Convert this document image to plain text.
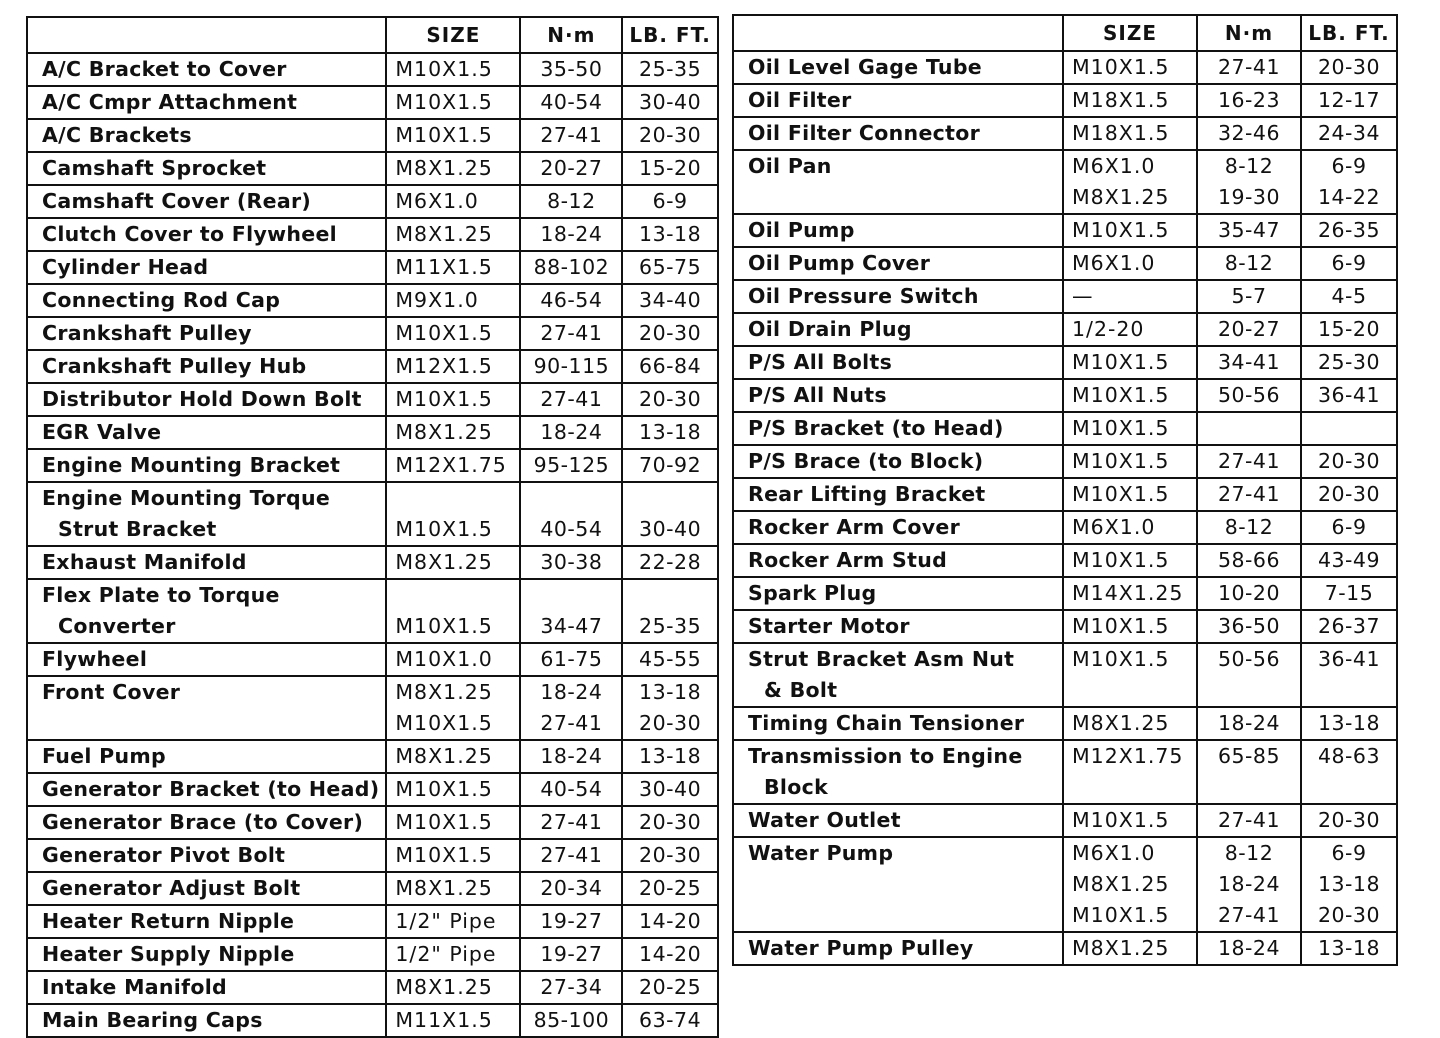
	SIZE	N·m	LB. FT.
A/C Bracket to Cover	M10X1.5	35-50	25-35
A/C Cmpr Attachment	M10X1.5	40-54	30-40
A/C Brackets	M10X1.5	27-41	20-30
Camshaft Sprocket	M8X1.25	20-27	15-20
Camshaft Cover (Rear)	M6X1.0	8-12	6-9
Clutch Cover to Flywheel	M8X1.25	18-24	13-18
Cylinder Head	M11X1.5	88-102	65-75
Connecting Rod Cap	M9X1.0	46-54	34-40
Crankshaft Pulley	M10X1.5	27-41	20-30
Crankshaft Pulley Hub	M12X1.5	90-115	66-84
Distributor Hold Down Bolt	M10X1.5	27-41	20-30
EGR Valve	M8X1.25	18-24	13-18
Engine Mounting Bracket	M12X1.75	95-125	70-92
Engine Mounting Torque			
Strut Bracket	M10X1.5	40-54	30-40
Exhaust Manifold	M8X1.25	30-38	22-28
Flex Plate to Torque			
Converter	M10X1.5	34-47	25-35
Flywheel	M10X1.0	61-75	45-55
Front Cover	M8X1.25	18-24	13-18
	M10X1.5	27-41	20-30
Fuel Pump	M8X1.25	18-24	13-18
Generator Bracket (to Head)	M10X1.5	40-54	30-40
Generator Brace (to Cover)	M10X1.5	27-41	20-30
Generator Pivot Bolt	M10X1.5	27-41	20-30
Generator Adjust Bolt	M8X1.25	20-34	20-25
Heater Return Nipple	1/2" Pipe	19-27	14-20
Heater Supply Nipple	1/2" Pipe	19-27	14-20
Intake Manifold	M8X1.25	27-34	20-25
Main Bearing Caps	M11X1.5	85-100	63-74
	SIZE	N·m	LB. FT.
Oil Level Gage Tube	M10X1.5	27-41	20-30
Oil Filter	M18X1.5	16-23	12-17
Oil Filter Connector	M18X1.5	32-46	24-34
Oil Pan	M6X1.0	8-12	6-9
	M8X1.25	19-30	14-22
Oil Pump	M10X1.5	35-47	26-35
Oil Pump Cover	M6X1.0	8-12	6-9
Oil Pressure Switch	—	5-7	4-5
Oil Drain Plug	1/2-20	20-27	15-20
P/S All Bolts	M10X1.5	34-41	25-30
P/S All Nuts	M10X1.5	50-56	36-41
P/S Bracket (to Head)	M10X1.5		
P/S Brace (to Block)	M10X1.5	27-41	20-30
Rear Lifting Bracket	M10X1.5	27-41	20-30
Rocker Arm Cover	M6X1.0	8-12	6-9
Rocker Arm Stud	M10X1.5	58-66	43-49
Spark Plug	M14X1.25	10-20	7-15
Starter Motor	M10X1.5	36-50	26-37
Strut Bracket Asm Nut	M10X1.5	50-56	36-41
& Bolt			
Timing Chain Tensioner	M8X1.25	18-24	13-18
Transmission to Engine	M12X1.75	65-85	48-63
Block			
Water Outlet	M10X1.5	27-41	20-30
Water Pump	M6X1.0	8-12	6-9
	M8X1.25	18-24	13-18
	M10X1.5	27-41	20-30
Water Pump Pulley	M8X1.25	18-24	13-18
